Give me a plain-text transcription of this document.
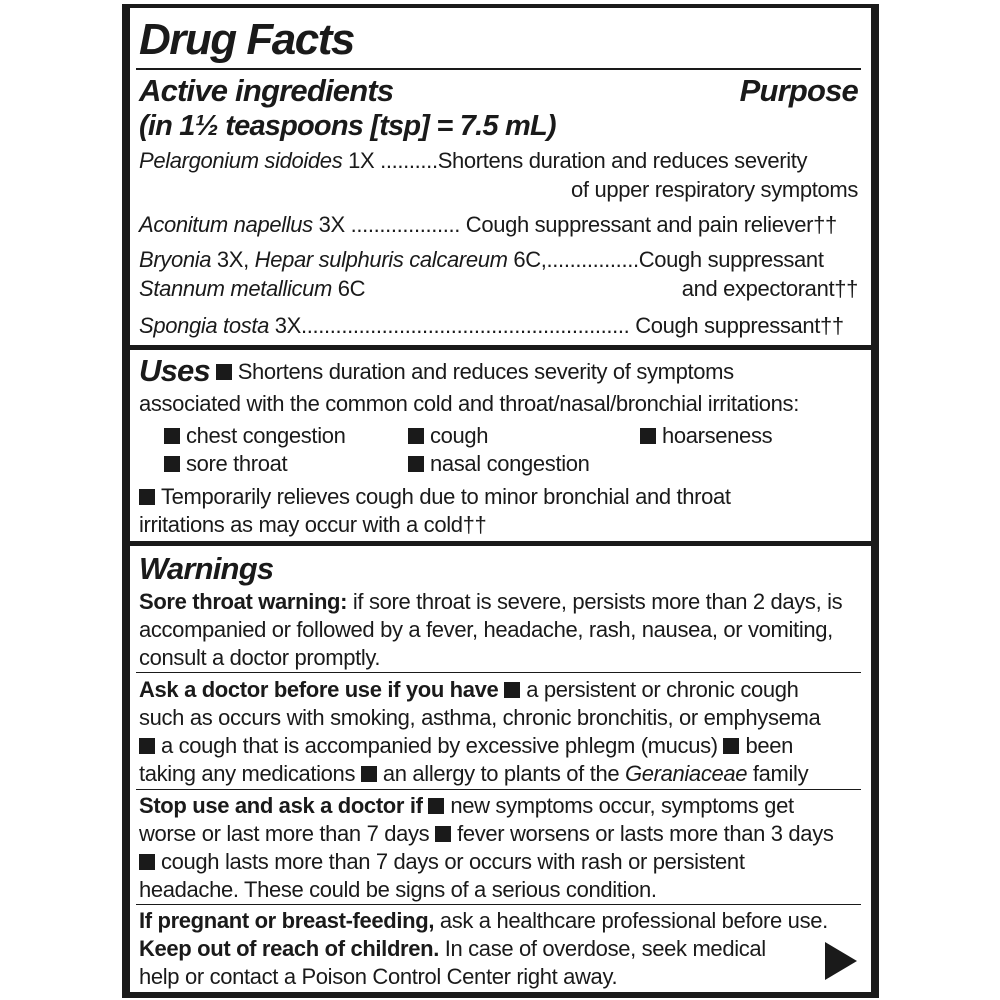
Drug Facts
Active ingredients	Purpose
(in 1½ teaspoons [tsp] = 7.5 mL)
Pelargonium sidoides 1X ..........Shortens duration and reduces severity
of upper respiratory symptoms
Aconitum napellus 3X ................... Cough suppressant and pain reliever††
Bryonia 3X, Hepar sulphuris calcareum 6C,................Cough suppressant
Stannum metallicum 6C	and expectorant††
Spongia tosta 3X......................................................... Cough suppressant††
Uses Shortens duration and reduces severity of symptoms
associated with the common cold and throat/nasal/bronchial irritations:
chest congestion	cough	hoarseness
sore throat	nasal congestion
Temporarily relieves cough due to minor bronchial and throat
irritations as may occur with a cold††
Warnings
Sore throat warning: if sore throat is severe, persists more than 2 days, is
accompanied or followed by a fever, headache, rash, nausea, or vomiting,
consult a doctor promptly.
Ask a doctor before use if you have a persistent or chronic cough
such as occurs with smoking, asthma, chronic bronchitis, or emphysema
a cough that is accompanied by excessive phlegm (mucus) been
taking any medications an allergy to plants of the Geraniaceae family
Stop use and ask a doctor if new symptoms occur, symptoms get
worse or last more than 7 days fever worsens or lasts more than 3 days
cough lasts more than 7 days or occurs with rash or persistent
headache. These could be signs of a serious condition.
If pregnant or breast-feeding, ask a healthcare professional before use.
Keep out of reach of children. In case of overdose, seek medical
help or contact a Poison Control Center right away.
